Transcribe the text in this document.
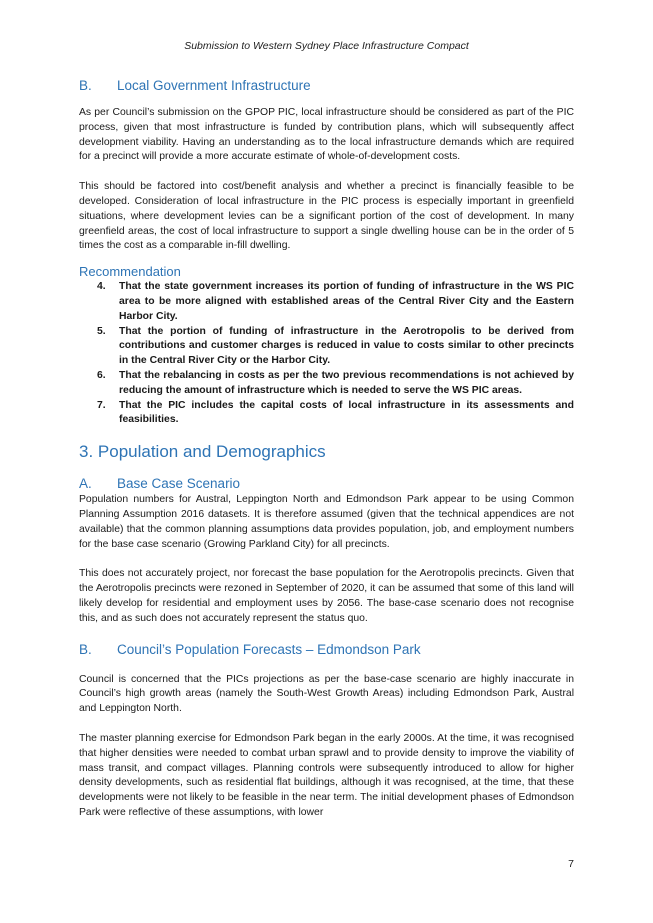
Submission to Western Sydney Place Infrastructure Compact
B.	Local Government Infrastructure

As per Council’s submission on the GPOP PIC, local infrastructure should be considered as part of the PIC process, given that most infrastructure is funded by contribution plans, which will subsequently affect development viability. Having an understanding as to the local infrastructure demands which are required for a precinct will provide a more accurate estimate of whole-of-development costs.

This should be factored into cost/benefit analysis and whether a precinct is financially feasible to be developed. Consideration of local infrastructure in the PIC process is especially important in greenfield situations, where development levies can be a significant portion of the cost of development. In many greenfield areas, the cost of local infrastructure to support a single dwelling house can be in the order of 5 times the cost as a comparable in-fill dwelling.

Recommendation
4.	That the state government increases its portion of funding of infrastructure in the WS PIC area to be more aligned with established areas of the Central River City and the Eastern Harbor City.
5.	That the portion of funding of infrastructure in the Aerotropolis to be derived from contributions and customer charges is reduced in value to costs similar to other precincts in the Central River City or the Harbor City.
6.	That the rebalancing in costs as per the two previous recommendations is not achieved by reducing the amount of infrastructure which is needed to serve the WS PIC areas.
7.	That the PIC includes the capital costs of local infrastructure in its assessments and feasibilities.
3. Population and Demographics
A.	Base Case Scenario

Population numbers for Austral, Leppington North and Edmondson Park appear to be using Common Planning Assumption 2016 datasets. It is therefore assumed (given that the technical appendices are not available) that the common planning assumptions data provides population, job, and employment numbers for the base case scenario (Growing Parkland City) for all precincts.

This does not accurately project, nor forecast the base population for the Aerotropolis precincts. Given that the Aerotropolis precincts were rezoned in September of 2020, it can be assumed that some of this land will likely develop for residential and employment uses by 2056. The base-case scenario does not recognise this, and as such does not accurately represent the status quo.

B.	Council’s Population Forecasts – Edmondson Park

Council is concerned that the PICs projections as per the base-case scenario are highly inaccurate in Council’s high growth areas (namely the South-West Growth Areas) including Edmondson Park, Austral and Leppington North.

The master planning exercise for Edmondson Park began in the early 2000s. At the time, it was recognised that higher densities were needed to combat urban sprawl and to provide density to improve the viability of mass transit, and compact villages. Planning controls were subsequently introduced to allow for higher density developments, such as residential flat buildings, although it was recognised, at the time, that these developments were not likely to be feasible in the near term. The initial development phases of Edmondson Park were reflective of these assumptions, with lower

7
